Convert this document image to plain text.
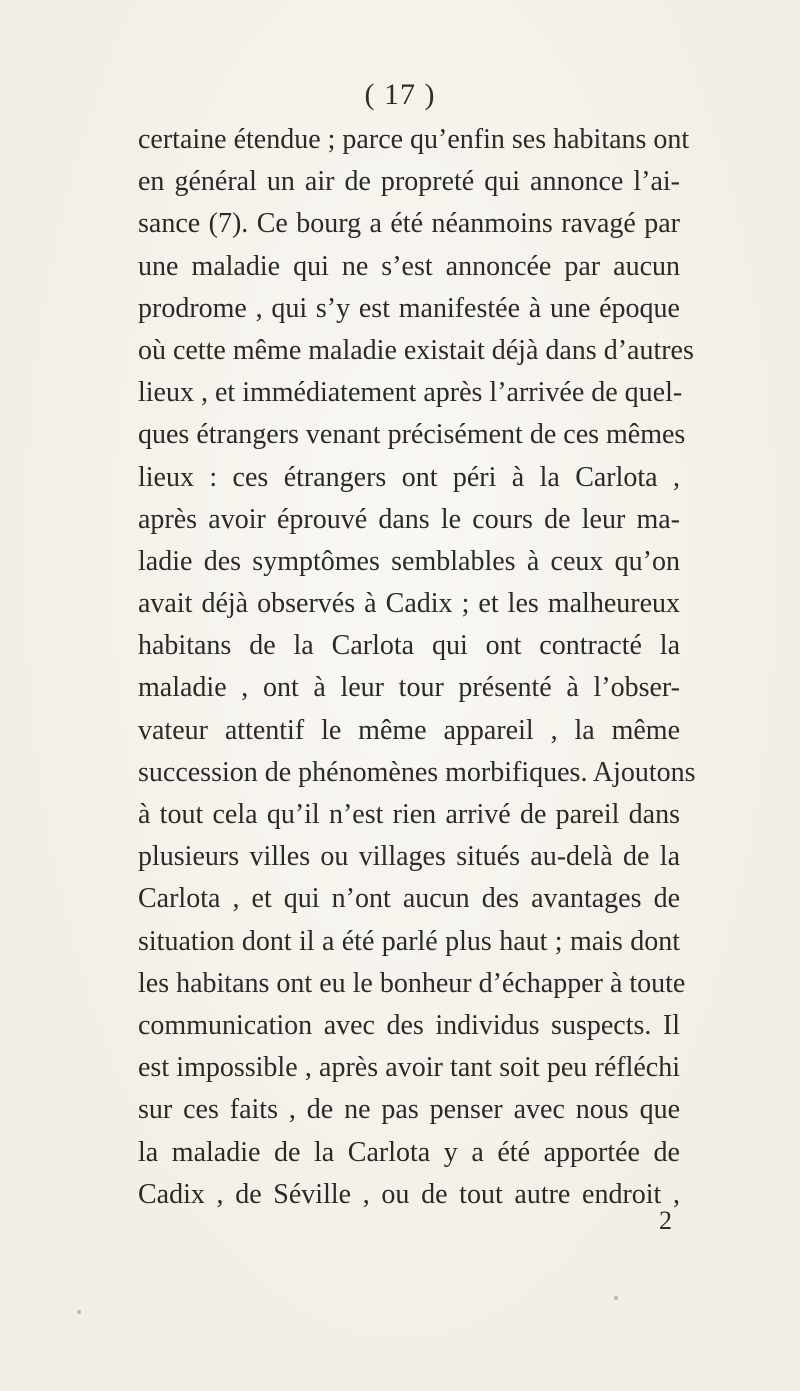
( 17 )
certaine étendue ; parce qu’enfin ses habitans ont
en général un air de propreté qui annonce l’ai-
sance (7). Ce bourg a été néanmoins ravagé par
une maladie qui ne s’est annoncée par aucun
prodrome , qui s’y est manifestée à une époque
où cette même maladie existait déjà dans d’autres
lieux , et immédiatement après l’arrivée de quel-
ques étrangers venant précisément de ces mêmes
lieux : ces étrangers ont péri à la Carlota ,
après avoir éprouvé dans le cours de leur ma-
ladie des symptômes semblables à ceux qu’on
avait déjà observés à Cadix ; et les malheureux
habitans de la Carlota qui ont contracté la
maladie , ont à leur tour présenté à l’obser-
vateur attentif le même appareil , la même
succession de phénomènes morbifiques. Ajoutons
à tout cela qu’il n’est rien arrivé de pareil dans
plusieurs villes ou villages situés au-delà de la
Carlota , et qui n’ont aucun des avantages de
situation dont il a été parlé plus haut ; mais dont
les habitans ont eu le bonheur d’échapper à toute
communication avec des individus suspects. Il
est impossible , après avoir tant soit peu réfléchi
sur ces faits , de ne pas penser avec nous que
la maladie de la Carlota y a été apportée de
Cadix , de Séville , ou de tout autre endroit ,
2
